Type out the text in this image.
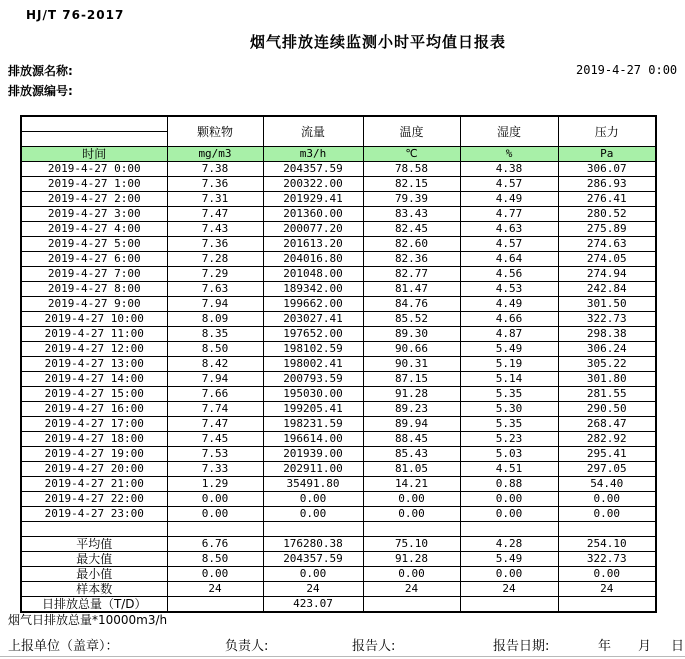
HJ/T 76-2017
烟气排放连续监测小时平均值日报表
排放源名称:	2019-4-27 0:00
排放源编号:
	颗粒物	流量	温度	湿度	压力

时间	mg/m3	m3/h	℃	%	Pa
2019-4-27 0:00	7.38	204357.59	78.58	4.38	306.07
2019-4-27 1:00	7.36	200322.00	82.15	4.57	286.93
2019-4-27 2:00	7.31	201929.41	79.39	4.49	276.41
2019-4-27 3:00	7.47	201360.00	83.43	4.77	280.52
2019-4-27 4:00	7.43	200077.20	82.45	4.63	275.89
2019-4-27 5:00	7.36	201613.20	82.60	4.57	274.63
2019-4-27 6:00	7.28	204016.80	82.36	4.64	274.05
2019-4-27 7:00	7.29	201048.00	82.77	4.56	274.94
2019-4-27 8:00	7.63	189342.00	81.47	4.53	242.84
2019-4-27 9:00	7.94	199662.00	84.76	4.49	301.50
2019-4-27 10:00	8.09	203027.41	85.52	4.66	322.73
2019-4-27 11:00	8.35	197652.00	89.30	4.87	298.38
2019-4-27 12:00	8.50	198102.59	90.66	5.49	306.24
2019-4-27 13:00	8.42	198002.41	90.31	5.19	305.22
2019-4-27 14:00	7.94	200793.59	87.15	5.14	301.80
2019-4-27 15:00	7.66	195030.00	91.28	5.35	281.55
2019-4-27 16:00	7.74	199205.41	89.23	5.30	290.50
2019-4-27 17:00	7.47	198231.59	89.94	5.35	268.47
2019-4-27 18:00	7.45	196614.00	88.45	5.23	282.92
2019-4-27 19:00	7.53	201939.00	85.43	5.03	295.41
2019-4-27 20:00	7.33	202911.00	81.05	4.51	297.05
2019-4-27 21:00	1.29	35491.80	14.21	0.88	54.40
2019-4-27 22:00	0.00	0.00	0.00	0.00	0.00
2019-4-27 23:00	0.00	0.00	0.00	0.00	0.00

平均值	6.76	176280.38	75.10	4.28	254.10
最大值	8.50	204357.59	91.28	5.49	322.73
最小值	0.00	0.00	0.00	0.00	0.00
样本数	24	24	24	24	24
日排放总量（T/D）		423.07			
烟气日排放总量*10000m3/h
上报单位（盖章）：	负责人:	报告人:	报告日期:	年 月 日
